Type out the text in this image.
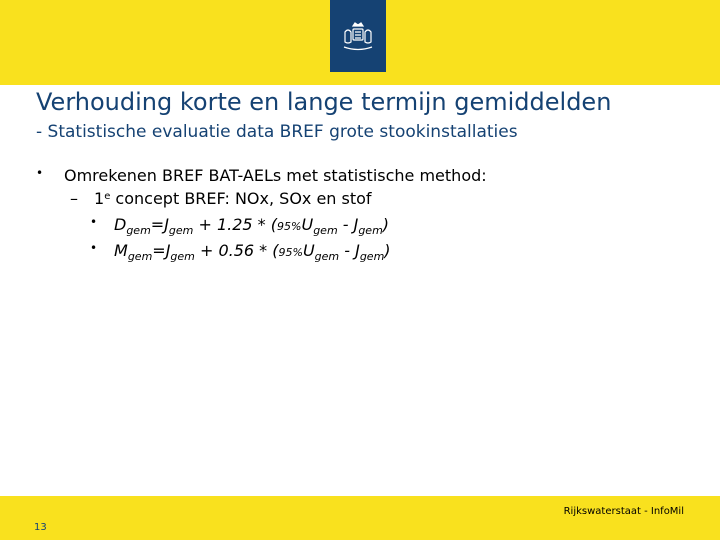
Verhouding korte en lange termijn gemiddelden
- Statistische evaluatie data BREF grote stookinstallaties
• Omrekenen BREF BAT-AELs met statistische method:
– 1e concept BREF: NOx, SOx en stof
• $D_{gem}=J_{gem} + 1.25 * (95\%U_{gem} - J_{gem})$
• $M_{gem}=J_{gem} + 0.56 * (95\%U_{gem} - J_{gem})$
Rijkswaterstaat - InfoMil
13
